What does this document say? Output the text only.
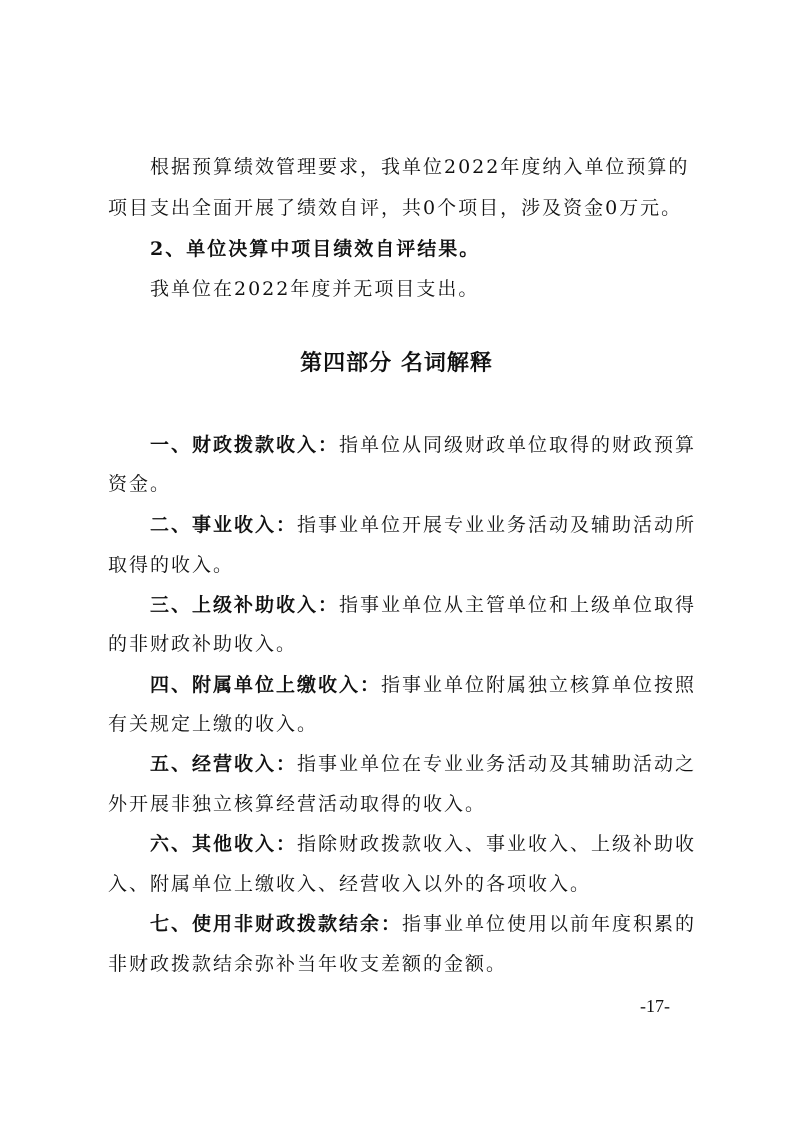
根据预算绩效管理要求，我单位2022年度纳入单位预算的
项目支出全面开展了绩效自评，共0个项目，涉及资金0万元。
2、单位决算中项目绩效自评结果。
我单位在2022年度并无项目支出。
第四部分 名词解释
一、财政拨款收入：指单位从同级财政单位取得的财政预算
资金。
二、事业收入：指事业单位开展专业业务活动及辅助活动所
取得的收入。
三、上级补助收入：指事业单位从主管单位和上级单位取得
的非财政补助收入。
四、附属单位上缴收入：指事业单位附属独立核算单位按照
有关规定上缴的收入。
五、经营收入：指事业单位在专业业务活动及其辅助活动之
外开展非独立核算经营活动取得的收入。
六、其他收入：指除财政拨款收入、事业收入、上级补助收
入、附属单位上缴收入、经营收入以外的各项收入。
七、使用非财政拨款结余：指事业单位使用以前年度积累的
非财政拨款结余弥补当年收支差额的金额。
-17-
